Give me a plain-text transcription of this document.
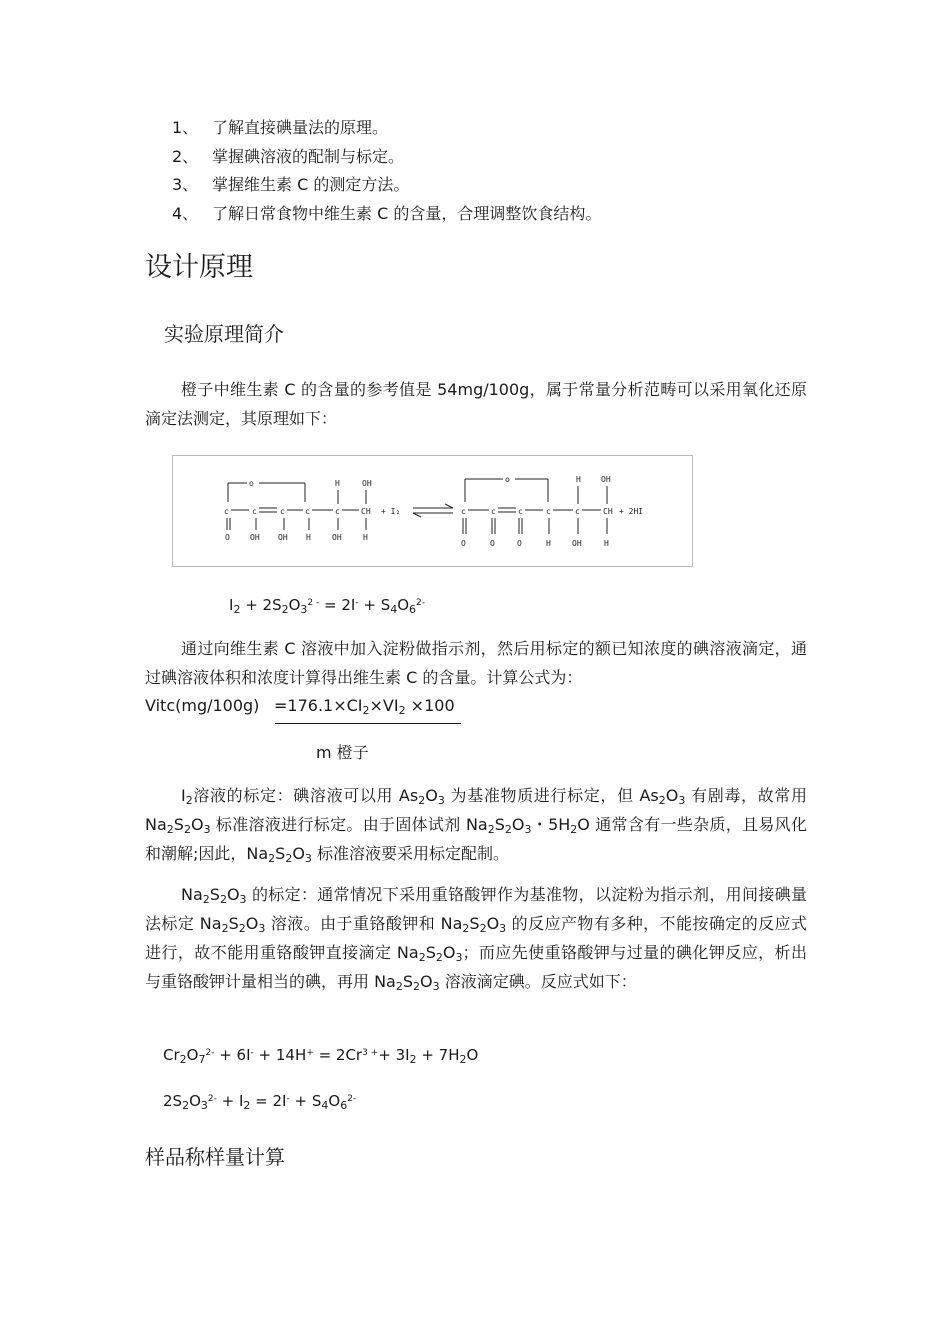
1、 了解直接碘量法的原理。
2、 掌握碘溶液的配制与标定。
3、 掌握维生素 C 的测定方法。
4、 了解日常食物中维生素 C 的含量，合理调整饮食结构。
设计原理
实验原理简介
橙子中维生素 C 的含量的参考值是 54mg/100g，属于常量分析范畴可以采用氧化还原滴定法测定，其原理如下：
o
c	c	c	c	c	CH
H	OH
O	OH OH H	OH	H
+ I₂
o
c	c	c	c	c	CH
H	OH
O	O	O	H	OH	H
+ 2HI
$I_2 + 2S_2O_3^{2 -} = 2I^- + S_4O_6^{2-}$
通过向维生素 C 溶液中加入淀粉做指示剂，然后用标定的额已知浓度的碘溶液滴定，通过碘溶液体积和浓度计算得出维生素 C 的含量。计算公式为：
Vitc(mg/100g) $=176.1\times CI_2\times VI_2 \times 100$
m 橙子
$I_2$溶液的标定：碘溶液可以用 $As_2O_3$ 为基准物质进行标定，但 $As_2O_3$ 有剧毒，故常用 $Na_2S_2O_3$ 标准溶液进行标定。由于固体试剂 $Na_2S_2O_3$・$5H_2O$ 通常含有一些杂质，且易风化和潮解;因此，$Na_2S_2O_3$ 标准溶液要采用标定配制。
$Na_2S_2O_3$ 的标定：通常情况下采用重铬酸钾作为基准物，以淀粉为指示剂，用间接碘量法标定 $Na_2S_2O_3$ 溶液。由于重铬酸钾和 $Na_2S_2O_3$ 的反应产物有多种，不能按确定的反应式进行，故不能用重铬酸钾直接滴定 $Na_2S_2O_3$；而应先使重铬酸钾与过量的碘化钾反应，析出与重铬酸钾计量相当的碘，再用 $Na_2S_2O_3$ 溶液滴定碘。反应式如下：
$Cr_2O_7^{2-} + 6I^- + 14H^+ = 2Cr^{3 +}+ 3I_2 + 7H_2O$
$2S_2O_3^{2-} + I_2 = 2I^- + S_4O_6^{2-}$
样品称样量计算
